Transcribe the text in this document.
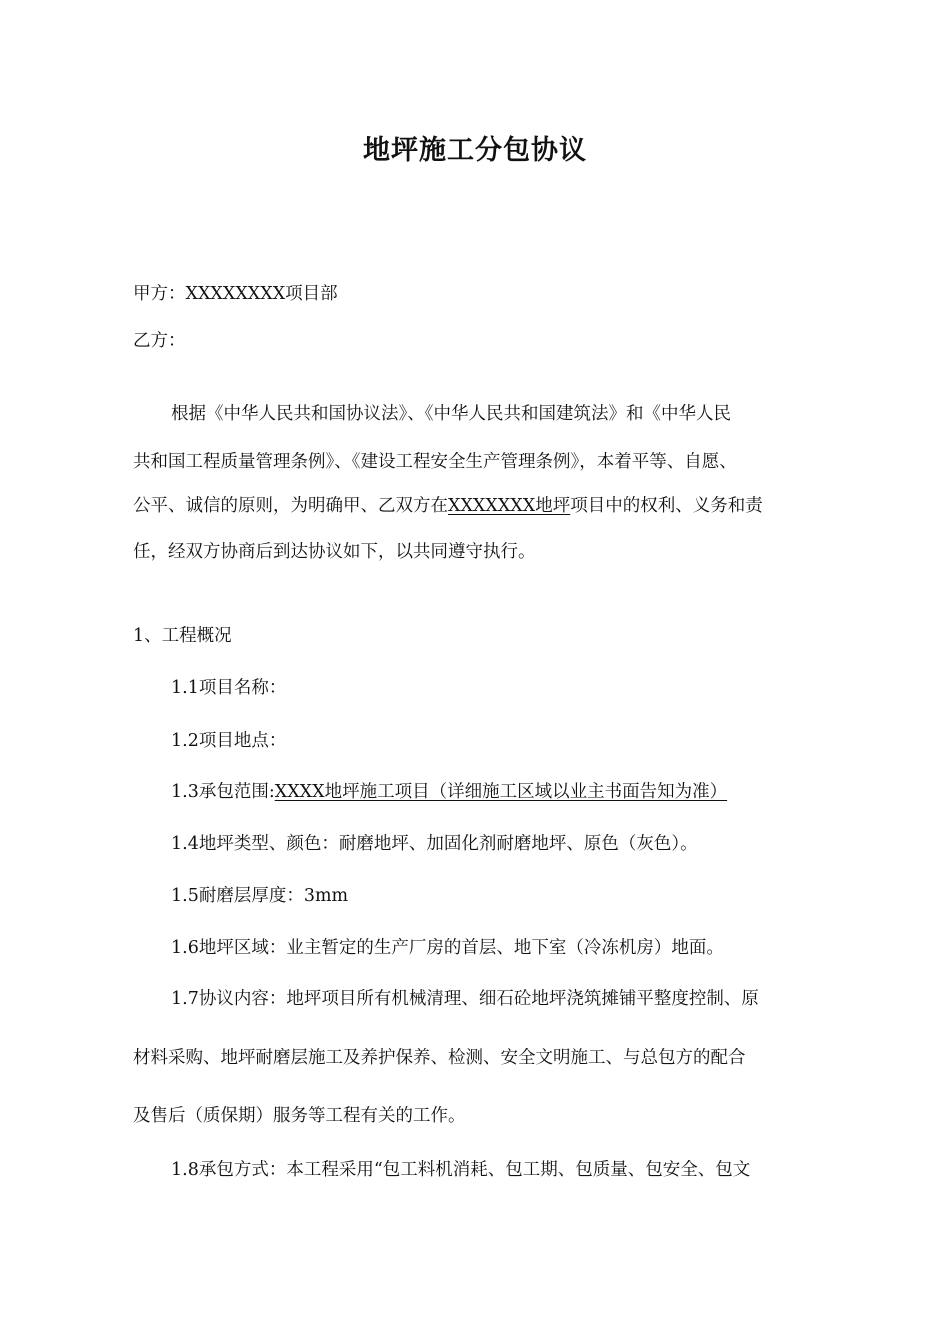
地坪施工分包协议

甲方：XXXXXXXX项目部

乙方：

根据《中华人民共和国协议法》、《中华人民共和国建筑法》和《中华人民

共和国工程质量管理条例》、《建设工程安全生产管理条例》，本着平等、自愿、

公平、诚信的原则，为明确甲、乙双方在XXXXXXX地坪项目中的权利、义务和责

任，经双方协商后到达协议如下，以共同遵守执行。

1、工程概况

1.1项目名称：

1.2项目地点：

1.3承包范围:XXXX地坪施工项目（详细施工区域以业主书面告知为准）

1.4地坪类型、颜色：耐磨地坪、加固化剂耐磨地坪、原色（灰色）。

1.5耐磨层厚度：3mm

1.6地坪区域：业主暂定的生产厂房的首层、地下室（冷冻机房）地面。

1.7协议内容：地坪项目所有机械清理、细石砼地坪浇筑摊铺平整度控制、原

材料采购、地坪耐磨层施工及养护保养、检测、安全文明施工、与总包方的配合

及售后（质保期）服务等工程有关的工作。

1.8承包方式：本工程采用“包工料机消耗、包工期、包质量、包安全、包文
